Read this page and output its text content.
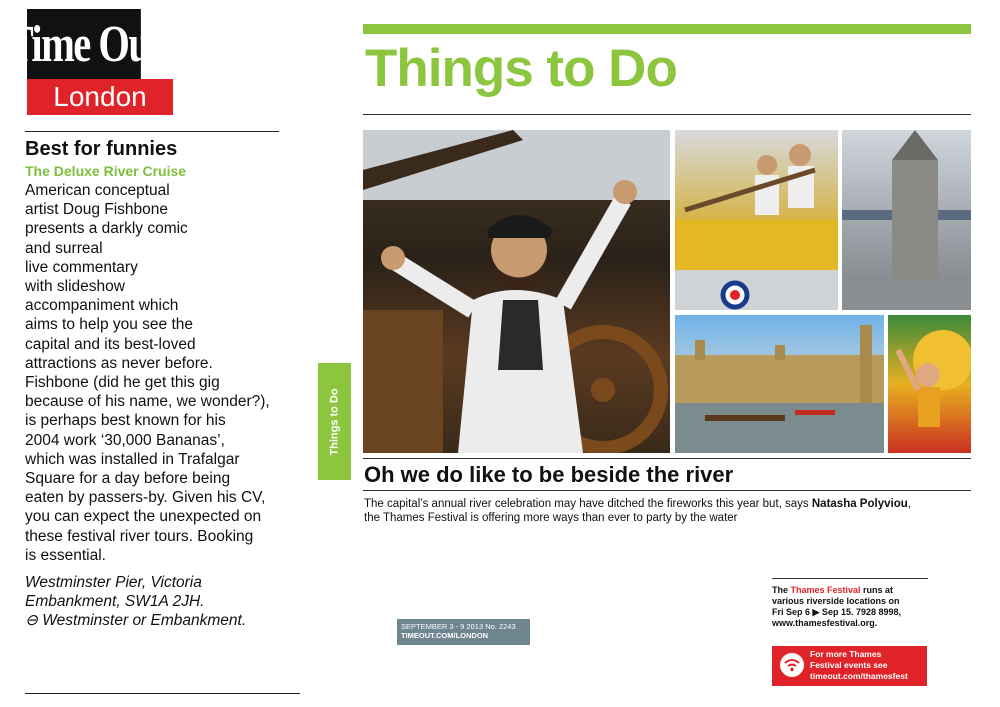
Time Out
London
Best for funnies
The Deluxe River Cruise
American conceptual
artist Doug Fishbone
presents a darkly comic
and surreal
live commentary
with slideshow
accompaniment which
aims to help you see the
capital and its best-loved
attractions as never before.
Fishbone (did he get this gig
because of his name, we wonder?),
is perhaps best known for his
2004 work ‘30,000 Bananas’,
which was installed in Trafalgar
Square for a day before being
eaten by passers-by. Given his CV,
you can expect the unexpected on
these festival river tours. Booking
is essential.
Westminster Pier, Victoria
Embankment, SW1A 2JH.
⊖ Westminster or Embankment.
Things to Do
Things to Do
Oh we do like to be beside the river
The capital’s annual river celebration may have ditched the fireworks this year but, says Natasha Polyviou,
the Thames Festival is offering more ways than ever to party by the water
SEPTEMBER 3 - 9 2013 No. 2243
TIMEOUT.COM/LONDON
The Thames Festival runs at
various riverside locations on
Fri Sep 6 ▶ Sep 15. 7928 8998,
www.thamesfestival.org.
For more Thames
Festival events see
timeout.com/thamesfest
